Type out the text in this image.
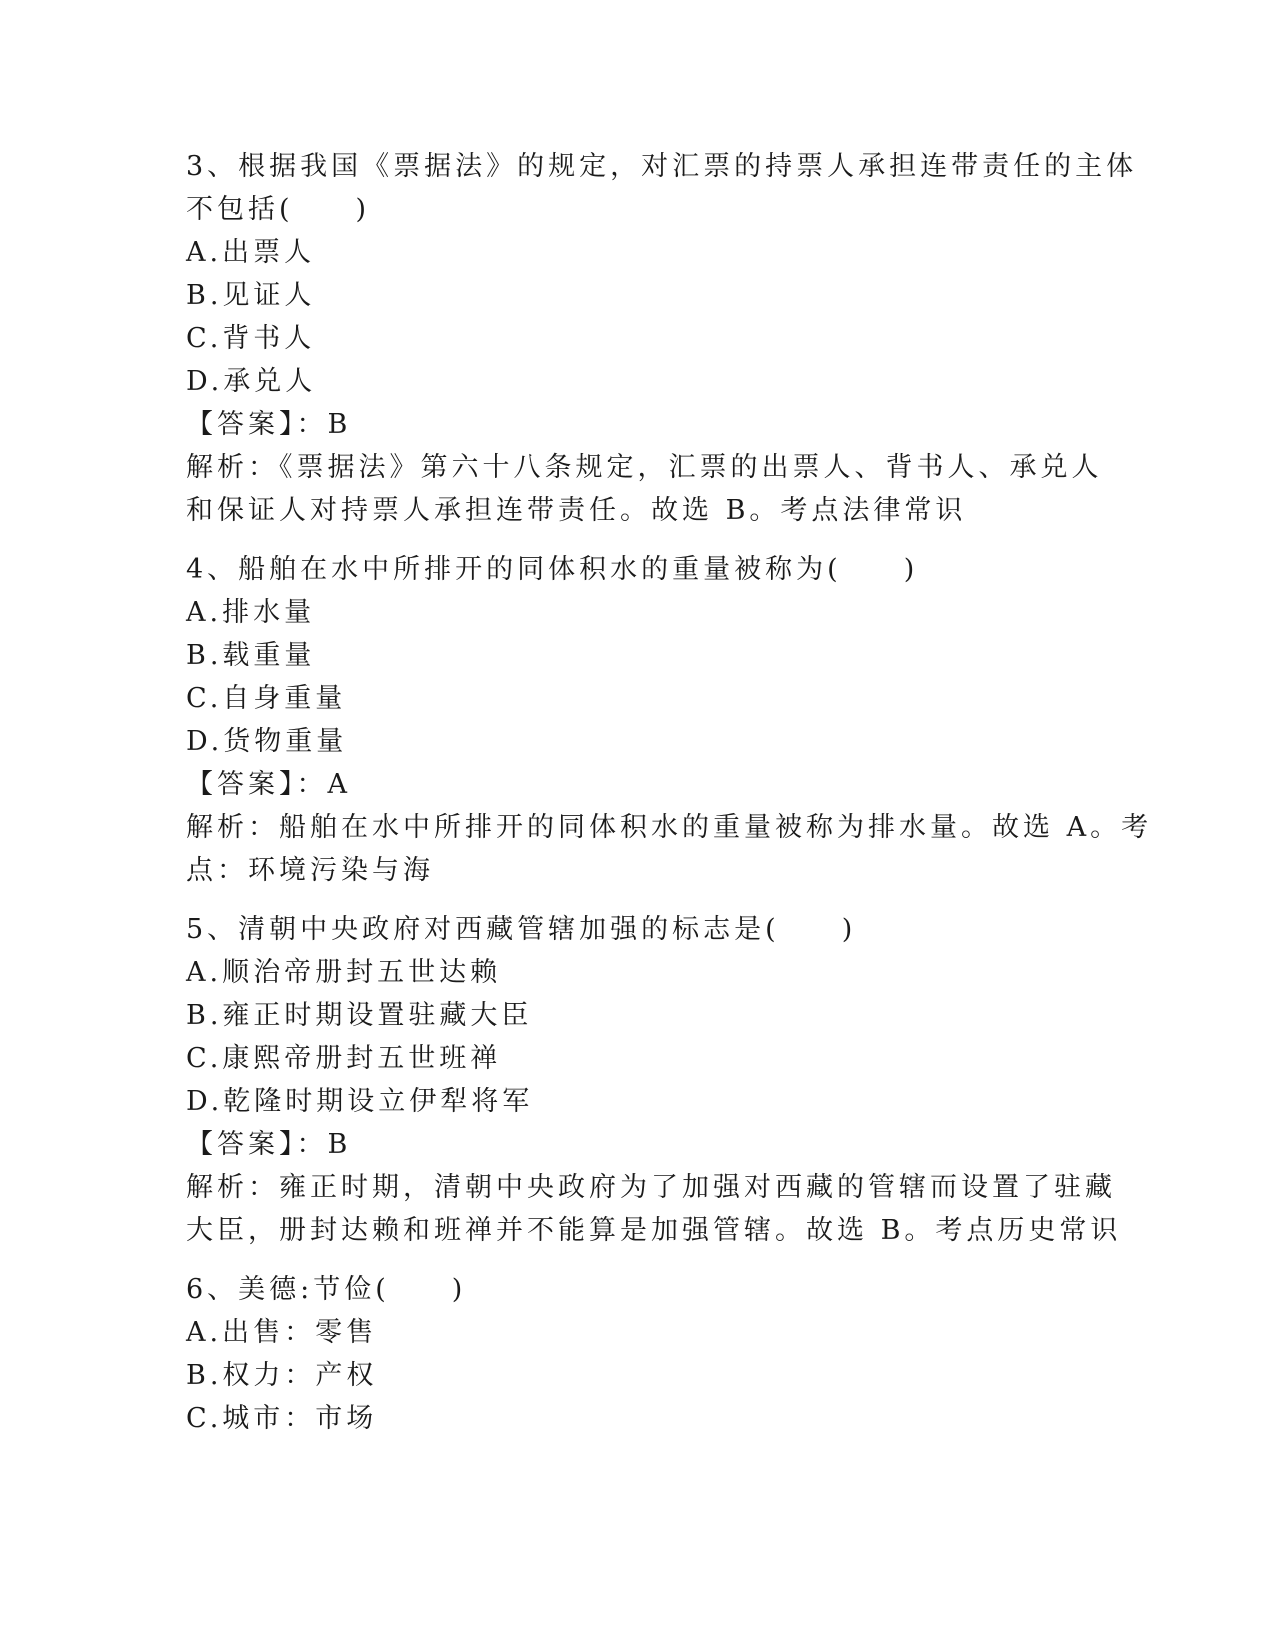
3、根据我国《票据法》的规定，对汇票的持票人承担连带责任的主体
不包括(　　)
A.出票人
B.见证人
C.背书人
D.承兑人
【答案】：B
解析：《票据法》第六十八条规定，汇票的出票人、背书人、承兑人
和保证人对持票人承担连带责任。故选 B。考点法律常识
4、船舶在水中所排开的同体积水的重量被称为(　　)
A.排水量
B.载重量
C.自身重量
D.货物重量
【答案】：A
解析：船舶在水中所排开的同体积水的重量被称为排水量。故选 A。考
点：环境污染与海
5、清朝中央政府对西藏管辖加强的标志是(　　)
A.顺治帝册封五世达赖
B.雍正时期设置驻藏大臣
C.康熙帝册封五世班禅
D.乾隆时期设立伊犁将军
【答案】：B
解析：雍正时期，清朝中央政府为了加强对西藏的管辖而设置了驻藏
大臣，册封达赖和班禅并不能算是加强管辖。故选 B。考点历史常识
6、美德:节俭(　　)
A.出售：零售
B.权力：产权
C.城市：市场
